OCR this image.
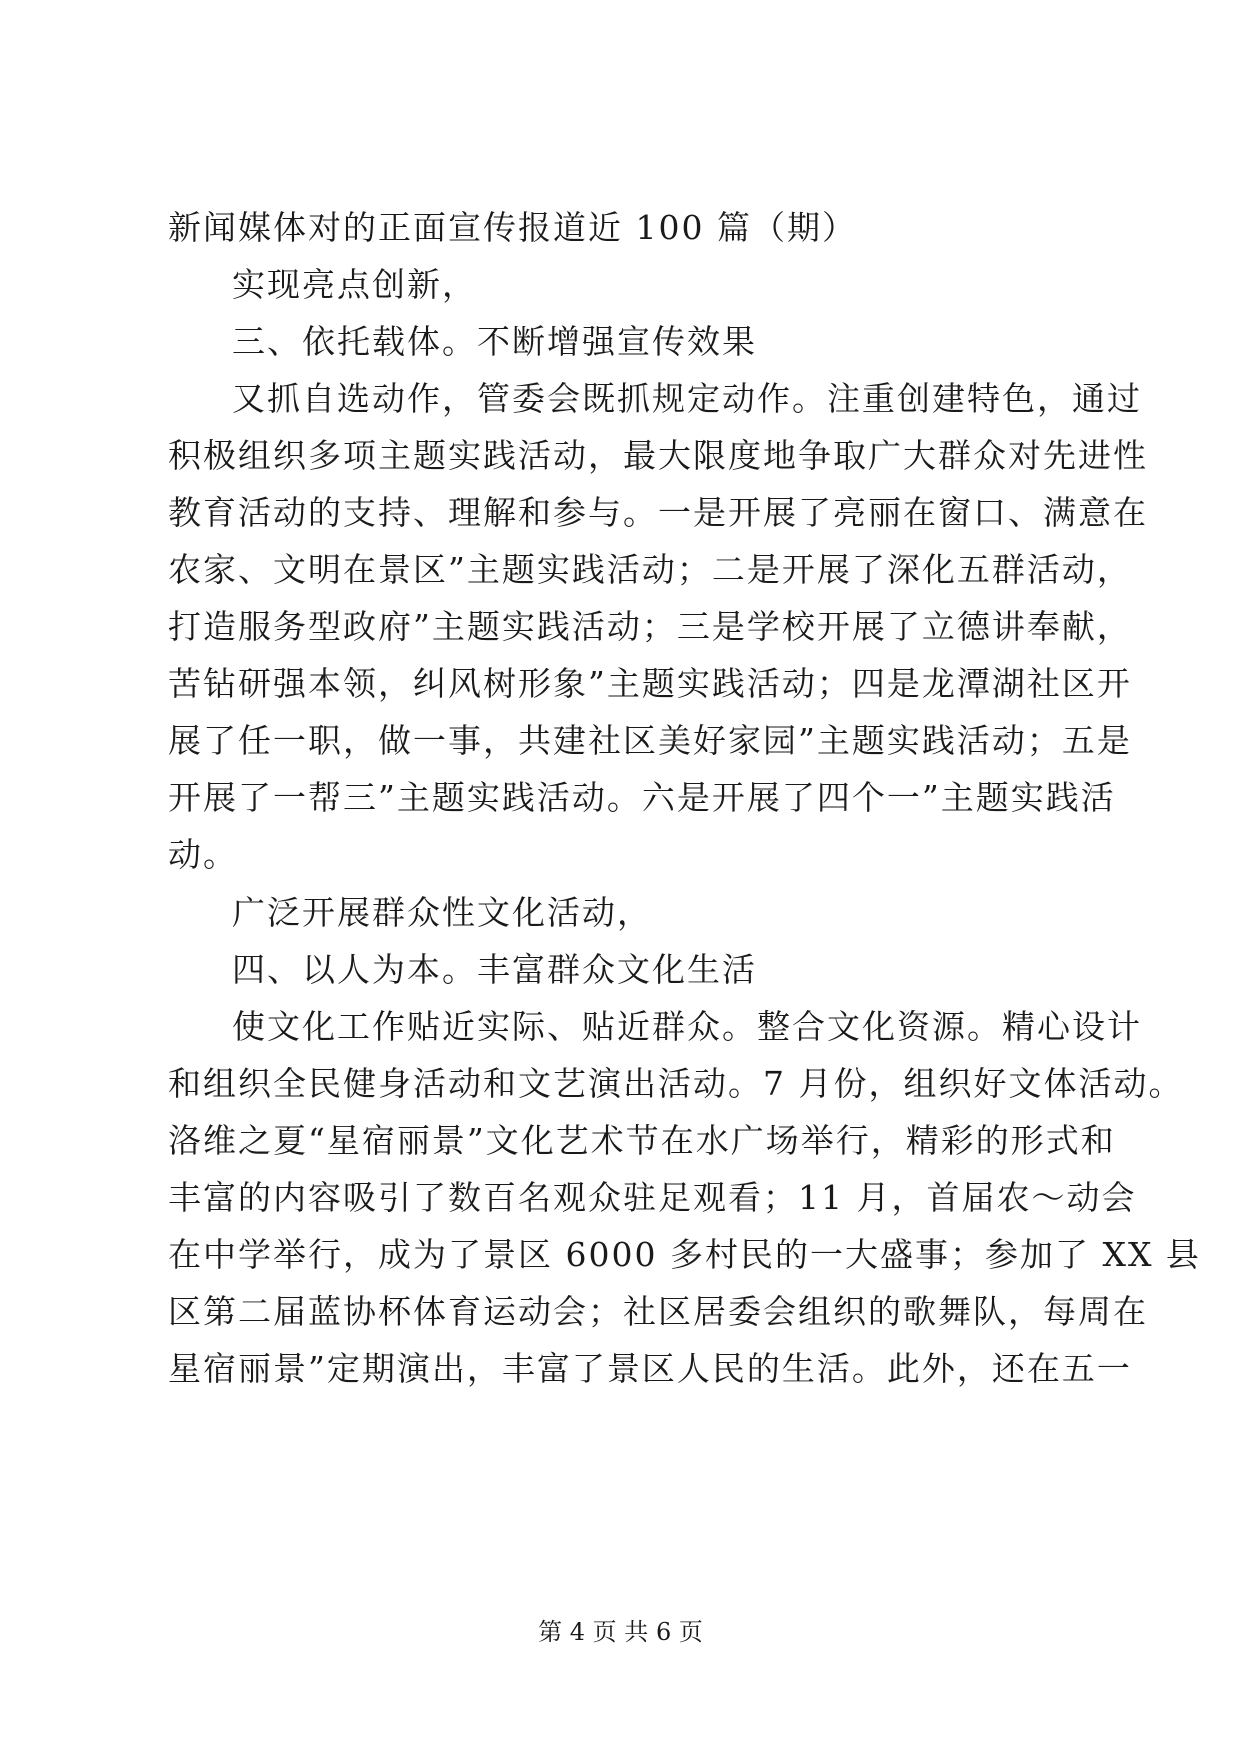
新闻媒体对的正面宣传报道近 100 篇（期）
实现亮点创新，
三、依托载体。不断增强宣传效果
又抓自选动作，管委会既抓规定动作。注重创建特色，通过
积极组织多项主题实践活动，最大限度地争取广大群众对先进性
教育活动的支持、理解和参与。一是开展了亮丽在窗口、满意在
农家、文明在景区”主题实践活动；二是开展了深化五群活动，
打造服务型政府”主题实践活动；三是学校开展了立德讲奉献，
苦钻研强本领，纠风树形象”主题实践活动；四是龙潭湖社区开
展了任一职，做一事，共建社区美好家园”主题实践活动；五是
开展了一帮三”主题实践活动。六是开展了四个一”主题实践活
动。
广泛开展群众性文化活动，
四、以人为本。丰富群众文化生活
使文化工作贴近实际、贴近群众。整合文化资源。精心设计
和组织全民健身活动和文艺演出活动。7 月份，组织好文体活动。
洛维之夏“星宿丽景”文化艺术节在水广场举行，精彩的形式和
丰富的内容吸引了数百名观众驻足观看；11 月，首届农～动会
在中学举行，成为了景区 6000 多村民的一大盛事；参加了 XX 县
区第二届蓝协杯体育运动会；社区居委会组织的歌舞队，每周在
星宿丽景”定期演出，丰富了景区人民的生活。此外，还在五一
第 4 页 共 6 页
